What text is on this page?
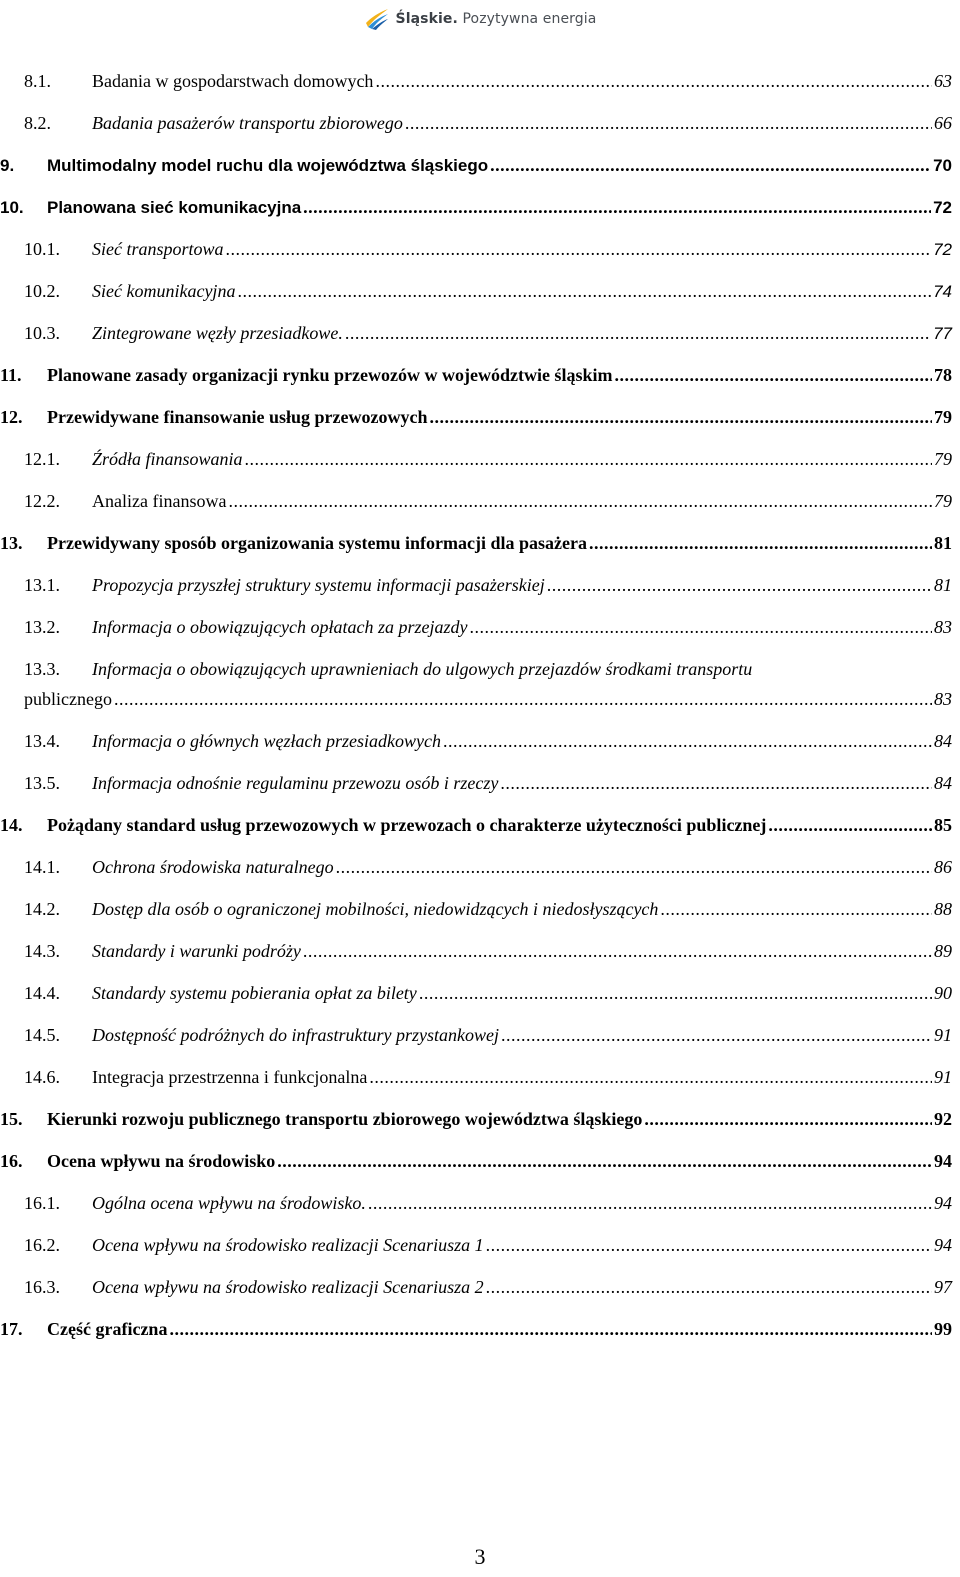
Śląskie. Pozytywna energia
8.1.	Badania w gospodarstwach domowych .....	63
8.2.	Badania pasażerów transportu zbiorowego .....	66
9.	Multimodalny model ruchu dla województwa śląskiego .....	70
10.	Planowana sieć komunikacyjna .....	72
10.1.	Sieć transportowa .....	72
10.2.	Sieć komunikacyjna .....	74
10.3.	Zintegrowane węzły przesiadkowe. .....	77
11.	Planowane zasady organizacji rynku przewozów w województwie śląskim .....	78
12.	Przewidywane finansowanie usług przewozowych .....	79
12.1.	Źródła finansowania .....	79
12.2.	Analiza finansowa .....	79
13.	Przewidywany sposób organizowania systemu informacji dla pasażera .....	81
13.1.	Propozycja przyszłej struktury systemu informacji pasażerskiej .....	81
13.2.	Informacja o obowiązujących opłatach za przejazdy .....	83
13.3.	Informacja o obowiązujących uprawnieniach do ulgowych przejazdów środkami transportu
publicznego .....	83
13.4.	Informacja o głównych węzłach przesiadkowych .....	84
13.5.	Informacja odnośnie regulaminu przewozu osób i rzeczy .....	84
14.	Pożądany standard usług przewozowych w przewozach o charakterze użyteczności publicznej .....	85
14.1.	Ochrona środowiska naturalnego .....	86
14.2.	Dostęp dla osób o ograniczonej mobilności, niedowidzących i niedosłyszących .....	88
14.3.	Standardy i warunki podróży .....	89
14.4.	Standardy systemu pobierania opłat za bilety .....	90
14.5.	Dostępność podróżnych do infrastruktury przystankowej .....	91
14.6.	Integracja przestrzenna i funkcjonalna .....	91
15.	Kierunki rozwoju publicznego transportu zbiorowego województwa śląskiego .....	92
16.	Ocena wpływu na środowisko .....	94
16.1.	Ogólna ocena wpływu na środowisko. .....	94
16.2.	Ocena wpływu na środowisko realizacji Scenariusza 1 .....	94
16.3.	Ocena wpływu na środowisko realizacji Scenariusza 2 .....	97
17.	Część graficzna .....	99
3
